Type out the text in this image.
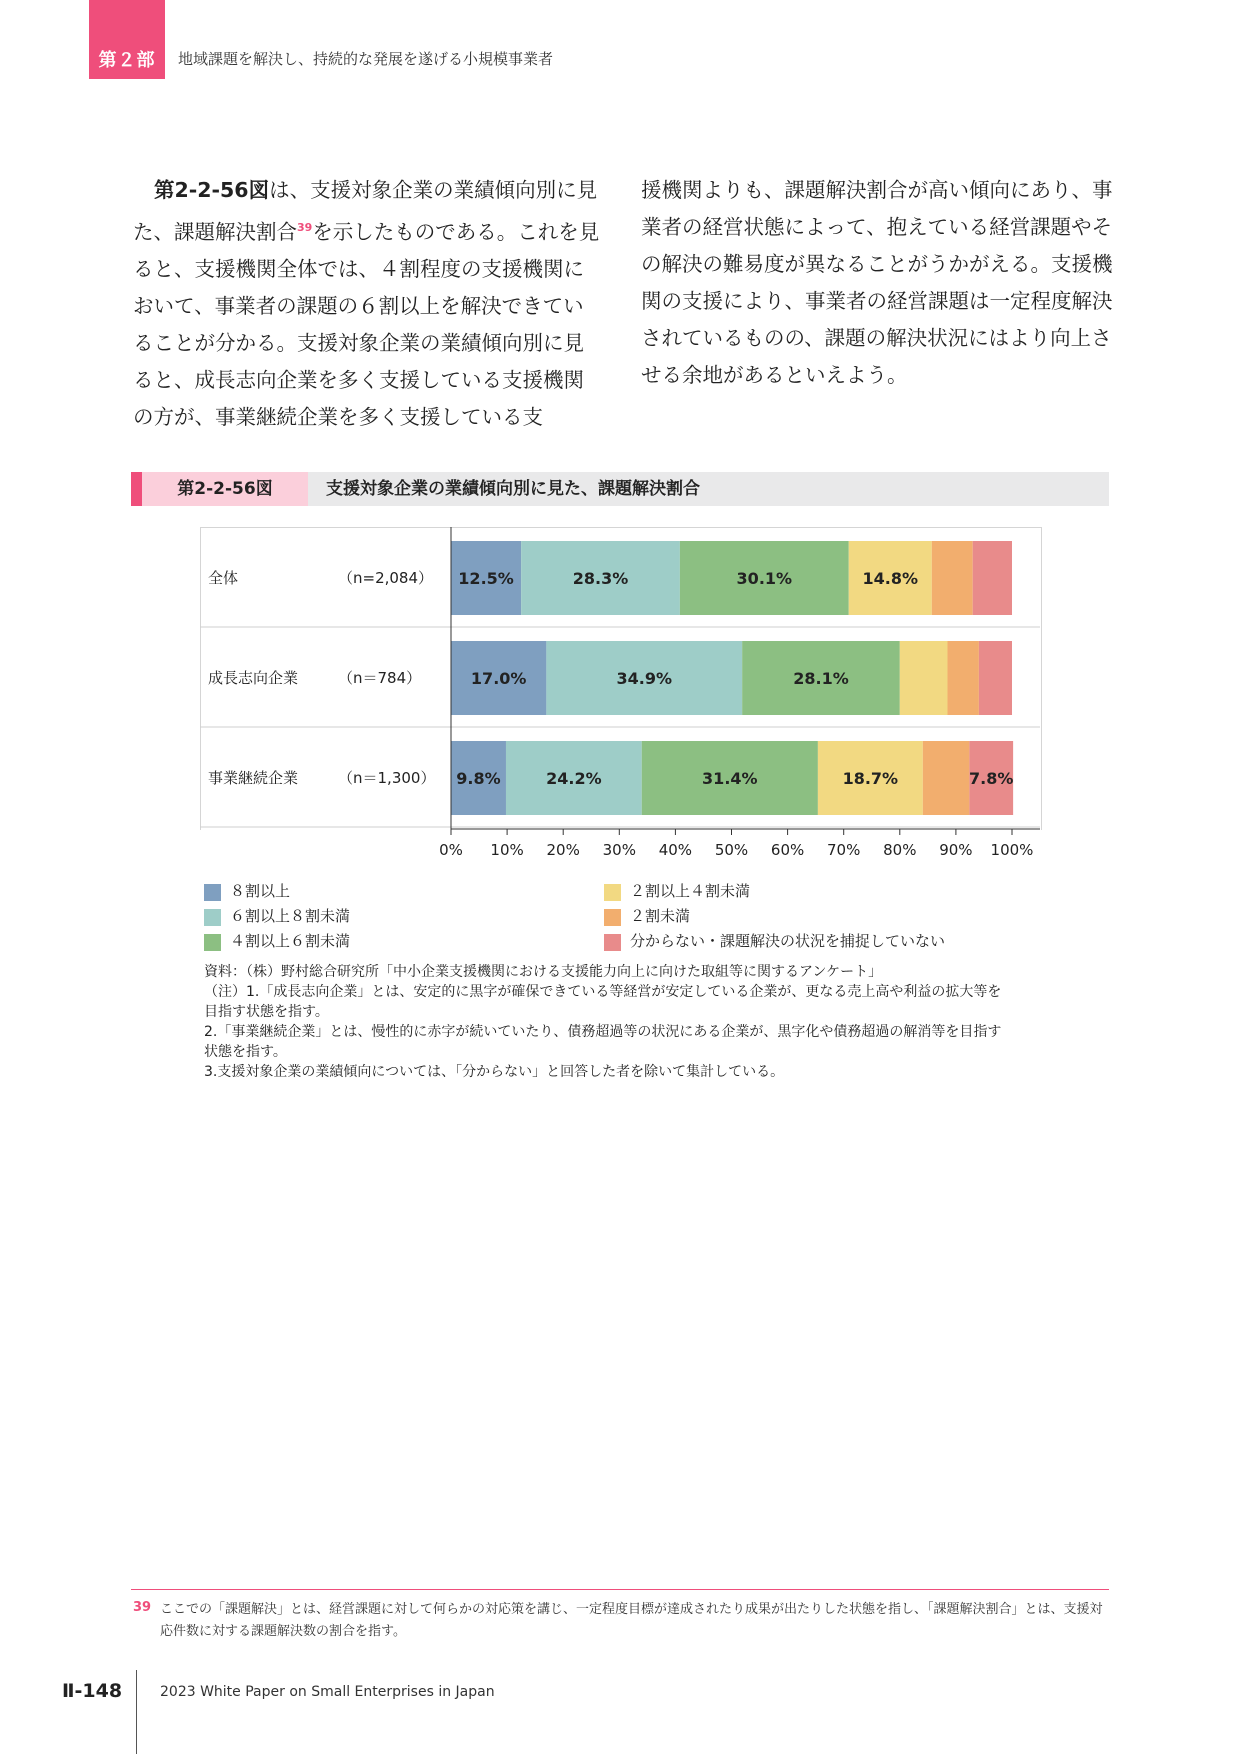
第２部	地域課題を解決し、持続的な発展を遂げる小規模事業者
第2-2-56図は、支援対象企業の業績傾向別に見た、課題解決割合$^{39}$を示したものである。これを見ると、支援機関全体では、４割程度の支援機関において、事業者の課題の６割以上を解決できていることが分かる。支援対象企業の業績傾向別に見ると、成長志向企業を多く支援している支援機関の方が、事業継続企業を多く支援している支
援機関よりも、課題解決割合が高い傾向にあり、事業者の経営状態によって、抱えている経営課題やその解決の難易度が異なることがうかがえる。支援機関の支援により、事業者の経営課題は一定程度解決されているものの、課題の解決状況にはより向上させる余地があるといえよう。
第2-2-56図	支援対象企業の業績傾向別に見た、課題解決割合
全体	（n=2,084）
成長志向企業	（n＝784）
事業継続企業	（n＝1,300）
12.5%	28.3%	30.1%	14.8%
17.0%	34.9%	28.1%
9.8%	24.2%	31.4%	18.7%	7.8%
0% 10% 20% 30% 40% 50% 60% 70% 80% 90% 100%
８割以上
６割以上８割未満
４割以上６割未満
２割以上４割未満
２割未満
分からない・課題解決の状況を捕捉していない
資料：（株）野村総合研究所「中小企業支援機関における支援能力向上に向けた取組等に関するアンケート」
（注）1.「成長志向企業」とは、安定的に黒字が確保できている等経営が安定している企業が、更なる売上高や利益の拡大等を
目指す状態を指す。
2.「事業継続企業」とは、慢性的に赤字が続いていたり、債務超過等の状況にある企業が、黒字化や債務超過の解消等を目指す
状態を指す。
3.支援対象企業の業績傾向については、「分からない」と回答した者を除いて集計している。
39 ここでの「課題解決」とは、経営課題に対して何らかの対応策を講じ、一定程度目標が達成されたり成果が出たりした状態を指し、「課題解決割合」とは、支援対応件数に対する課題解決数の割合を指す。
Ⅱ-148	2023 White Paper on Small Enterprises in Japan
